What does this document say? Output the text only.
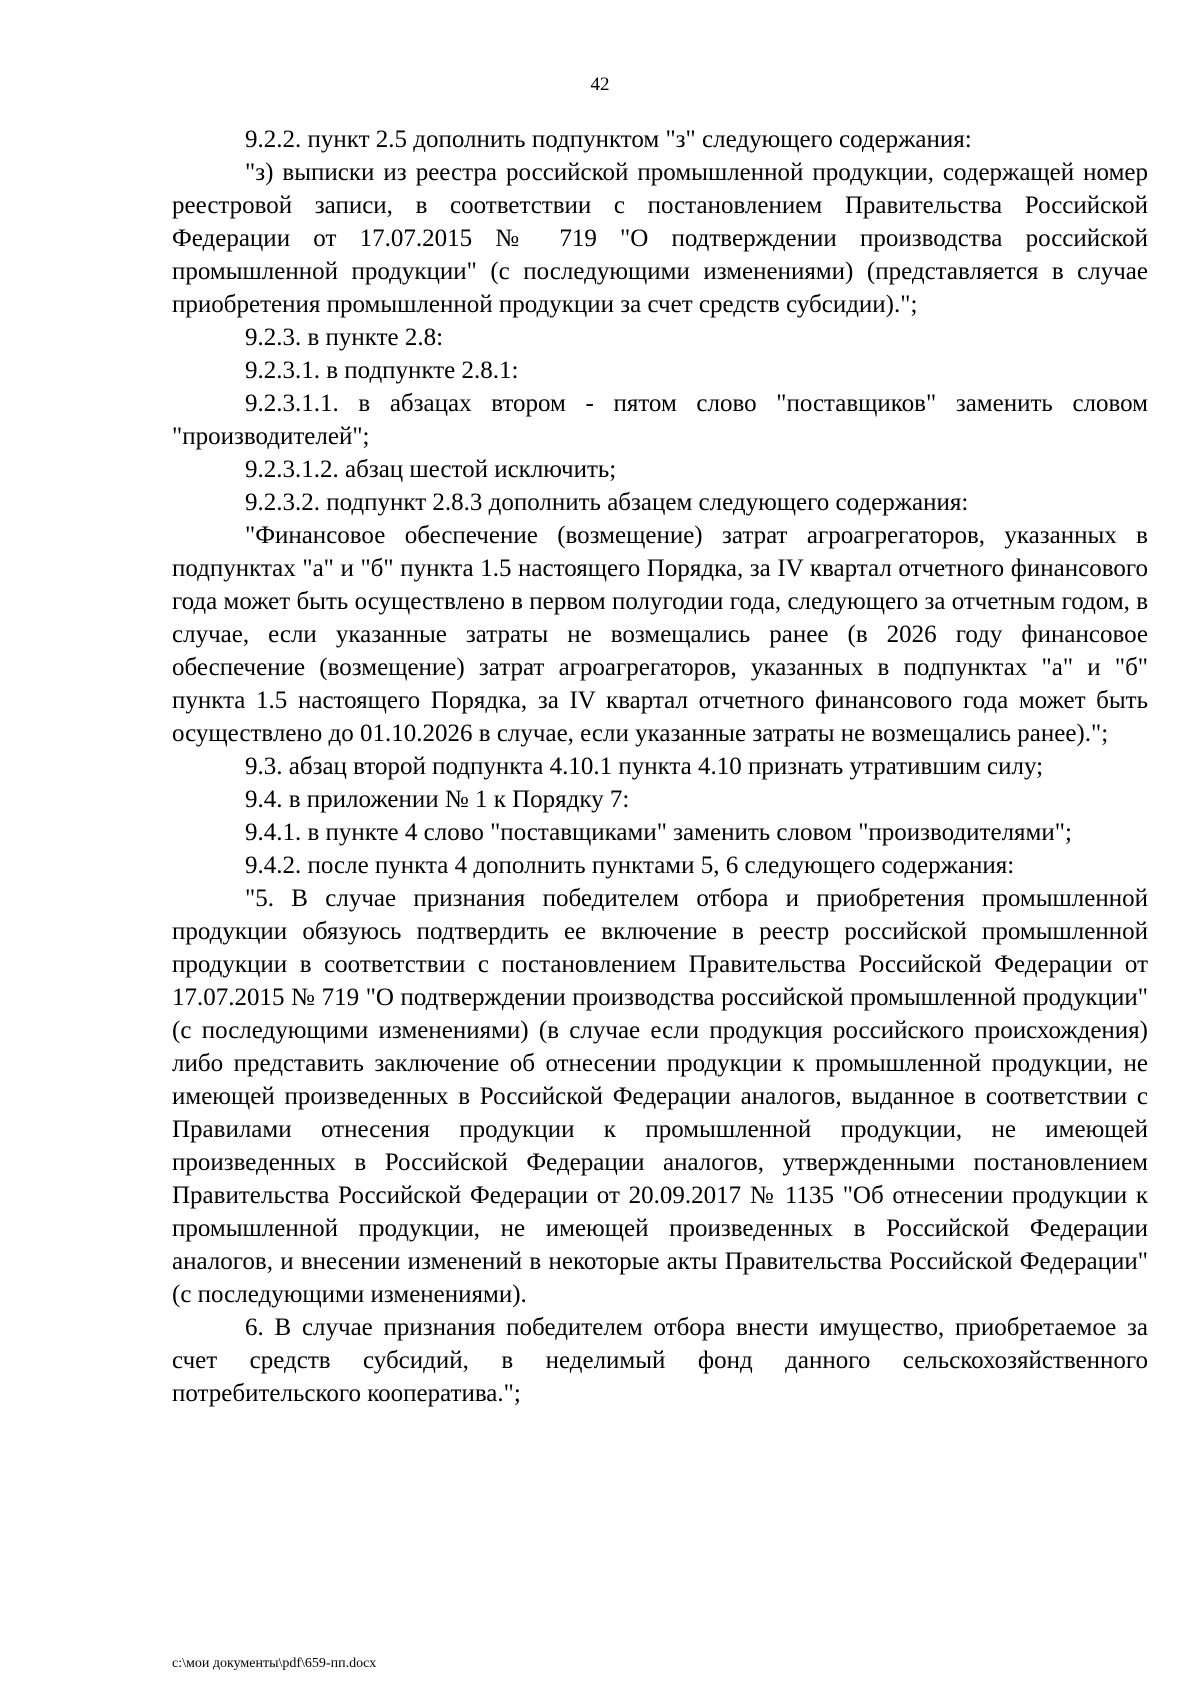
42

9.2.2. пункт 2.5 дополнить подпунктом "з" следующего содержания:

"з) выписки из реестра российской промышленной продукции, содержащей номер реестровой записи, в соответствии с постановлением Правительства Российской Федерации от 17.07.2015 № 719 "О подтверждении производства российской промышленной продукции" (с последующими изменениями) (представляется в случае приобретения промышленной продукции за счет средств субсидии).";

9.2.3. в пункте 2.8:

9.2.3.1. в подпункте 2.8.1:

9.2.3.1.1. в абзацах втором - пятом слово "поставщиков" заменить словом "производителей";

9.2.3.1.2. абзац шестой исключить;

9.2.3.2. подпункт 2.8.3 дополнить абзацем следующего содержания:

"Финансовое обеспечение (возмещение) затрат агроагрегаторов, указанных в подпунктах "а" и "б" пункта 1.5 настоящего Порядка, за IV квартал отчетного финансового года может быть осуществлено в первом полугодии года, следующего за отчетным годом, в случае, если указанные затраты не возмещались ранее (в 2026 году финансовое обеспечение (возмещение) затрат агроагрегаторов, указанных в подпунктах "а" и "б" пункта 1.5 настоящего Порядка, за IV квартал отчетного финансового года может быть осуществлено до 01.10.2026 в случае, если указанные затраты не возмещались ранее).";

9.3. абзац второй подпункта 4.10.1 пункта 4.10 признать утратившим силу;

9.4. в приложении № 1 к Порядку 7:

9.4.1. в пункте 4 слово "поставщиками" заменить словом "производителями";

9.4.2. после пункта 4 дополнить пунктами 5, 6 следующего содержания:

"5. В случае признания победителем отбора и приобретения промышленной продукции обязуюсь подтвердить ее включение в реестр российской промышленной продукции в соответствии с постановлением Правительства Российской Федерации от 17.07.2015 № 719 "О подтверждении производства российской промышленной продукции" (с последующими изменениями) (в случае если продукция российского происхождения) либо представить заключение об отнесении продукции к промышленной продукции, не имеющей произведенных в Российской Федерации аналогов, выданное в соответствии с Правилами отнесения продукции к промышленной продукции, не имеющей произведенных в Российской Федерации аналогов, утвержденными постановлением Правительства Российской Федерации от 20.09.2017 № 1135 "Об отнесении продукции к промышленной продукции, не имеющей произведенных в Российской Федерации аналогов, и внесении изменений в некоторые акты Правительства Российской Федерации" (с последующими изменениями).

6. В случае признания победителем отбора внести имущество, приобретаемое за счет средств субсидий, в неделимый фонд данного сельскохозяйственного потребительского кооператива.";

c:\мои документы\pdf\659-пп.docx
